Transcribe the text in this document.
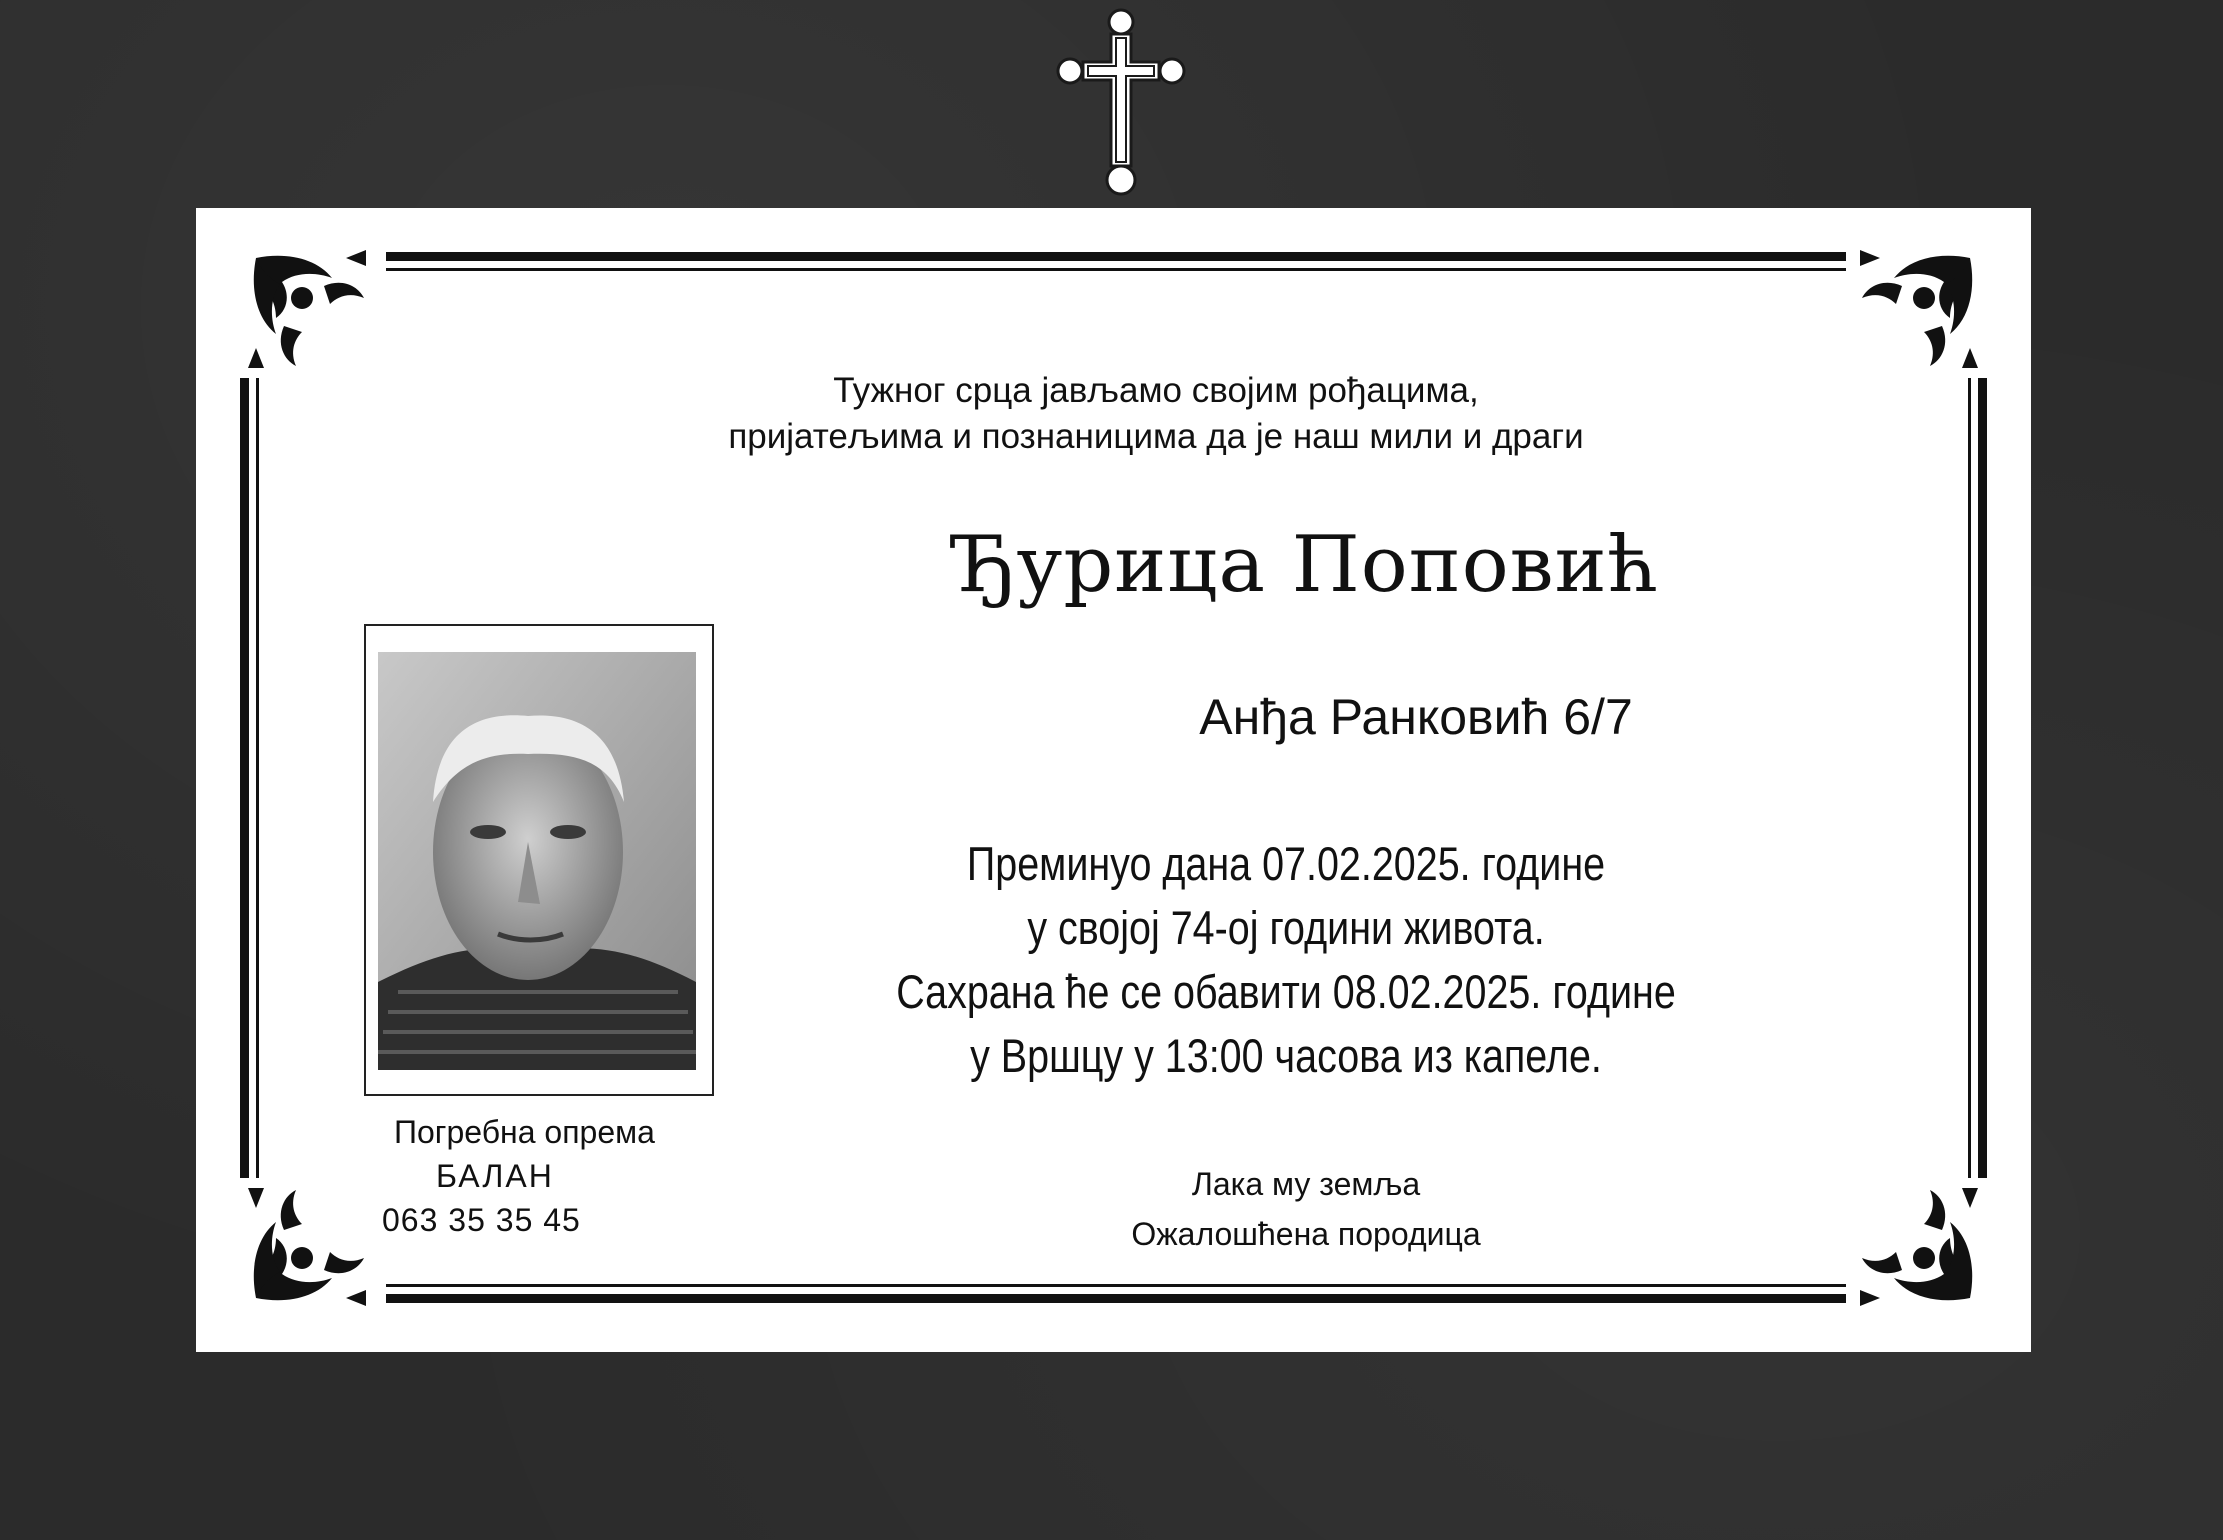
Тужног срца јављамо својим рођацима,
пријатељима и познаницима да је наш мили и драги
Ђурица Поповић
Анђа Ранковић 6/7
Преминуо дана 07.02.2025. године
у својој 74-ој години живота.
Сахрана ће се обавити 08.02.2025. године
у Вршцу у 13:00 часова из капеле.
Лака му земља
Ожалошћена породица
Погребна опрема
БАЛАН
063 35 35 45
